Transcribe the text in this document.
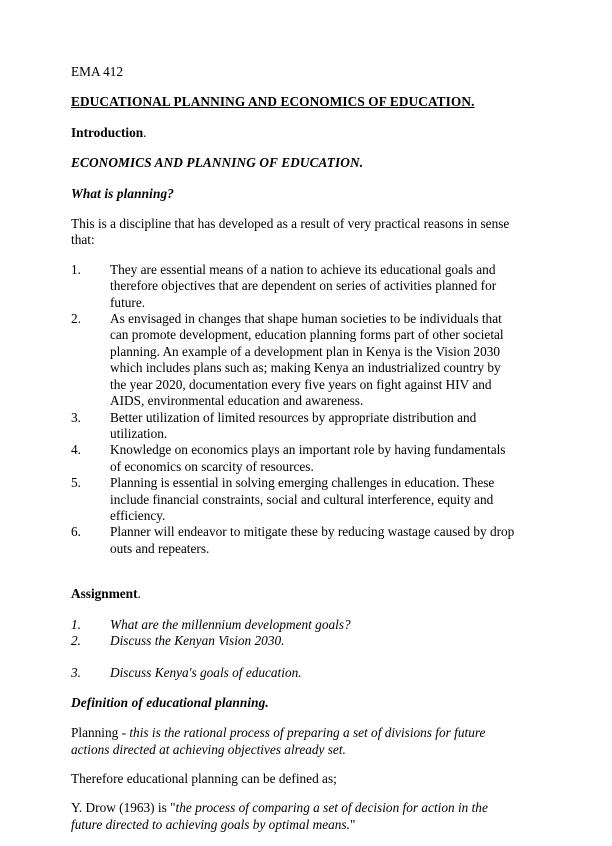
EMA 412

EDUCATIONAL PLANNING AND ECONOMICS OF EDUCATION.

Introduction.

ECONOMICS AND PLANNING OF EDUCATION.

What is planning?

This is a discipline that has developed as a result of very practical reasons in sense that:

1.	They are essential means of a nation to achieve its educational goals and therefore objectives that are dependent on series of activities planned for future.
2.	As envisaged in changes that shape human societies to be individuals that can promote development, education planning forms part of other societal planning. An example of a development plan in Kenya is the Vision 2030 which includes plans such as; making Kenya an industrialized country by the year 2020, documentation every five years on fight against HIV and AIDS, environmental education and awareness.
3.	Better utilization of limited resources by appropriate distribution and utilization.
4.	Knowledge on economics plays an important role by having fundamentals of economics on scarcity of resources.
5.	Planning is essential in solving emerging challenges in education. These include financial constraints, social and cultural interference, equity and efficiency.
6.	Planner will endeavor to mitigate these by reducing wastage caused by drop outs and repeaters.

Assignment.

1.	What are the millennium development goals?
2.	Discuss the Kenyan Vision 2030.
3.	Discuss Kenya's goals of education.

Definition of educational planning.

Planning - this is the rational process of preparing a set of divisions for future actions directed at achieving objectives already set.

Therefore educational planning can be defined as;

Y. Drow (1963) is "the process of comparing a set of decision for action in the future directed to achieving goals by optimal means."
